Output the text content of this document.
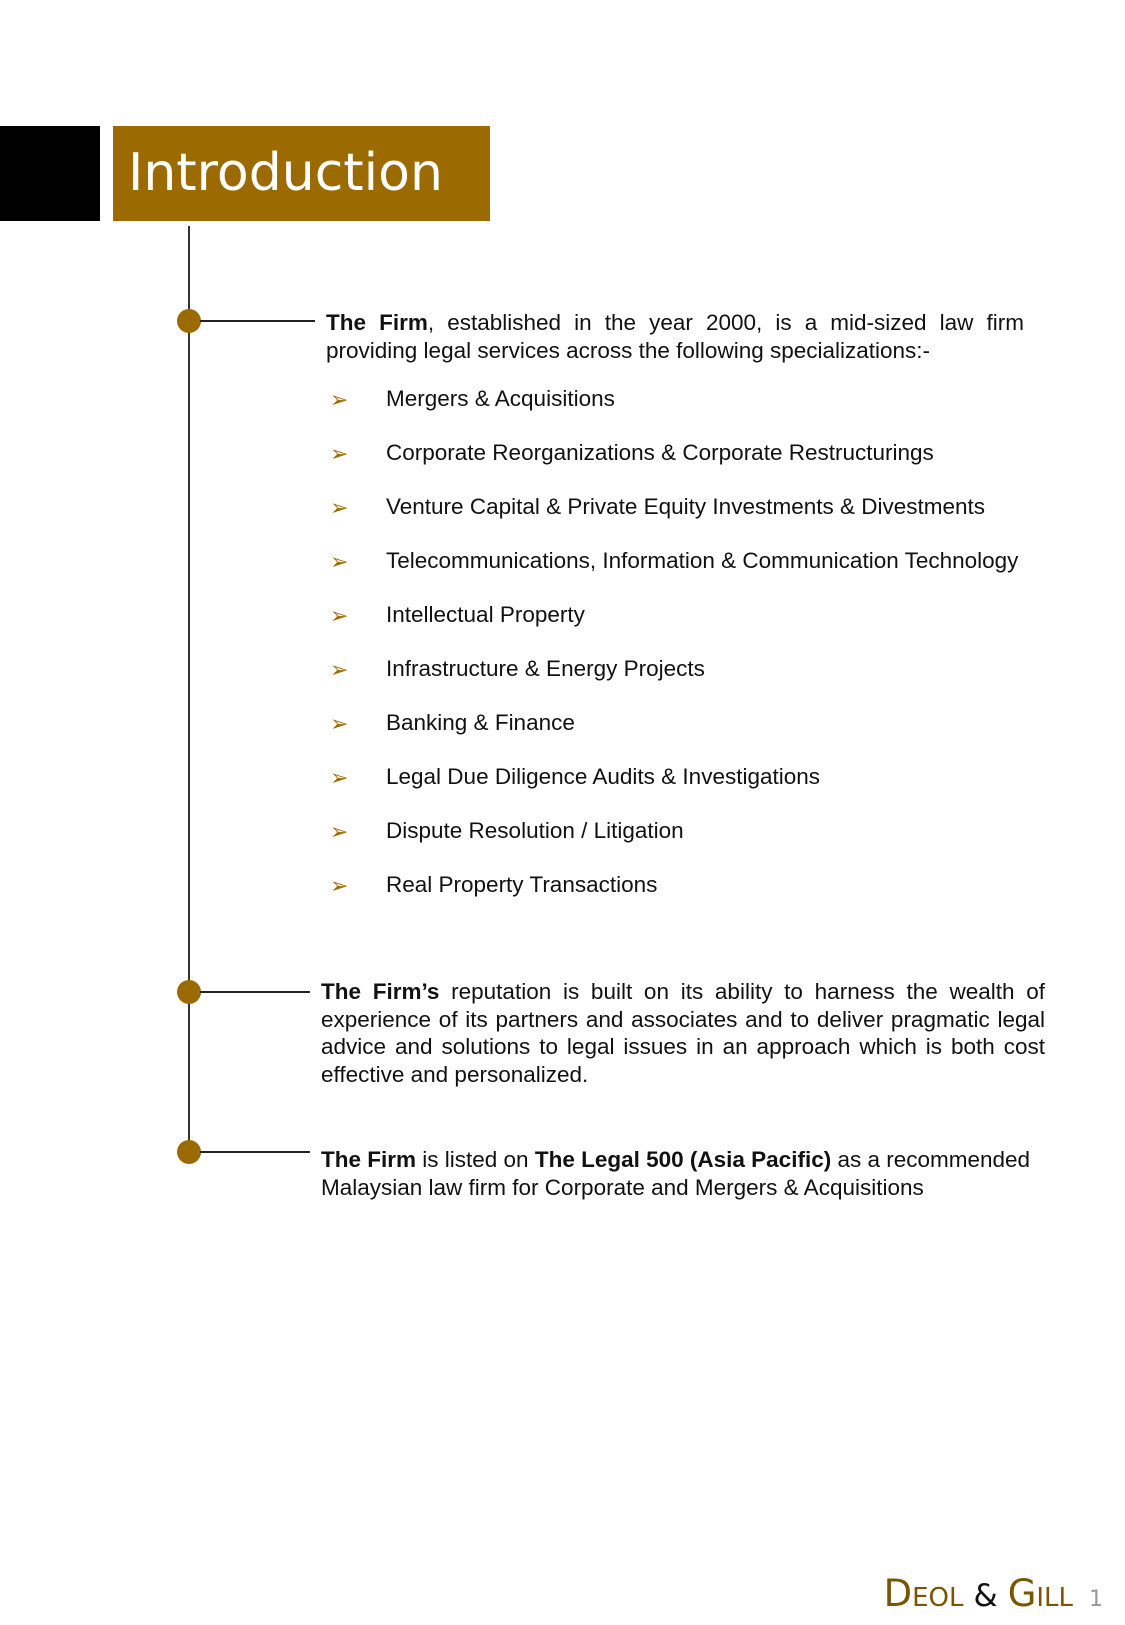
Introduction
The Firm, established in the year 2000, is a mid-sized law firm providing legal services across the following specializations:-
➢ Mergers & Acquisitions
➢ Corporate Reorganizations & Corporate Restructurings
➢ Venture Capital & Private Equity Investments & Divestments
➢ Telecommunications, Information & Communication Technology
➢ Intellectual Property
➢ Infrastructure & Energy Projects
➢ Banking & Finance
➢ Legal Due Diligence Audits & Investigations
➢ Dispute Resolution / Litigation
➢ Real Property Transactions
The Firm’s reputation is built on its ability to harness the wealth of experience of its partners and associates and to deliver pragmatic legal advice and solutions to legal issues in an approach which is both cost effective and personalized.
The Firm is listed on The Legal 500 (Asia Pacific) as a recommended Malaysian law firm for Corporate and Mergers & Acquisitions
DEOL & GILL 1
